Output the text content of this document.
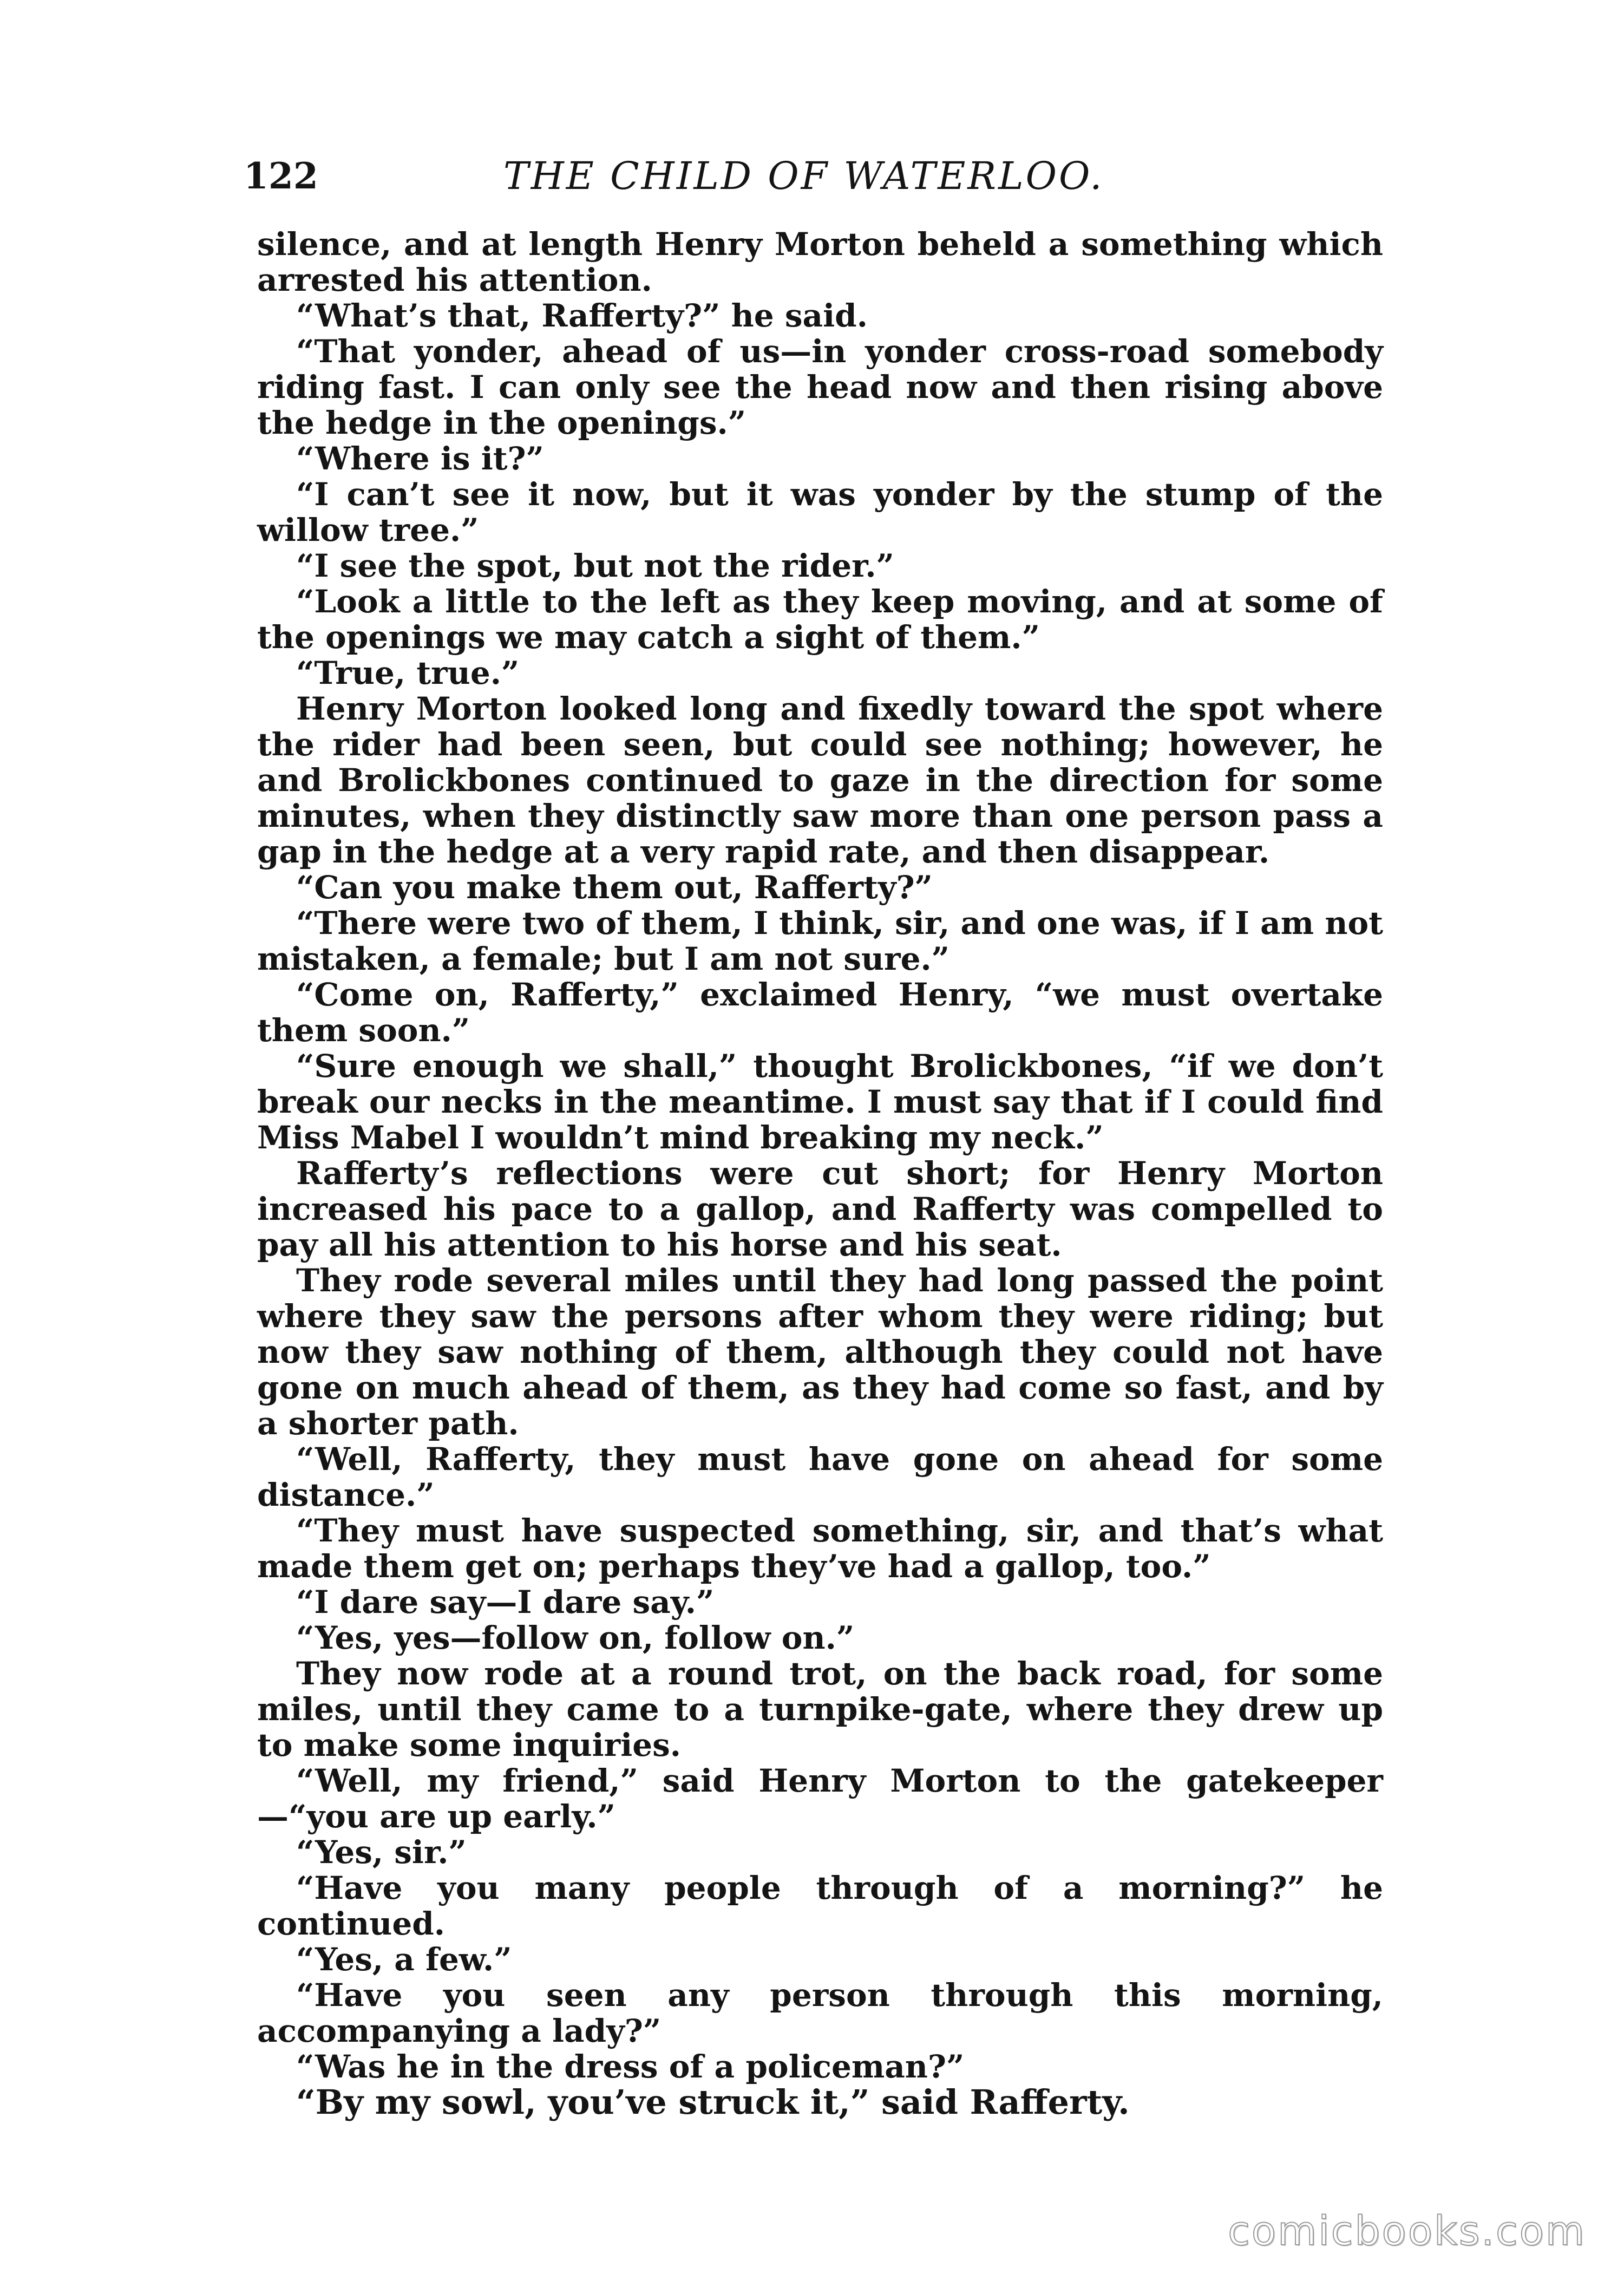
122	THE CHILD OF WATERLOO.

silence, and at length Henry Morton beheld a something which arrested his attention.

“What’s that, Rafferty?” he said.

“That yonder, ahead of us—in yonder cross-road somebody riding fast. I can only see the head now and then rising above the hedge in the openings.”

“Where is it?”

“I can’t see it now, but it was yonder by the stump of the willow tree.”

“I see the spot, but not the rider.”

“Look a little to the left as they keep moving, and at some of the openings we may catch a sight of them.”

“True, true.”

Henry Morton looked long and fixedly toward the spot where the rider had been seen, but could see nothing; however, he and Brolickbones continued to gaze in the direction for some minutes, when they distinctly saw more than one person pass a gap in the hedge at a very rapid rate, and then disappear.

“Can you make them out, Rafferty?”

“There were two of them, I think, sir, and one was, if I am not mistaken, a female; but I am not sure.”

“Come on, Rafferty,” exclaimed Henry, “we must overtake them soon.”

“Sure enough we shall,” thought Brolickbones, “if we don’t break our necks in the meantime. I must say that if I could find Miss Mabel I wouldn’t mind breaking my neck.”

Rafferty’s reflections were cut short; for Henry Morton increased his pace to a gallop, and Rafferty was compelled to pay all his attention to his horse and his seat.

They rode several miles until they had long passed the point where they saw the persons after whom they were riding; but now they saw nothing of them, although they could not have gone on much ahead of them, as they had come so fast, and by a shorter path.

“Well, Rafferty, they must have gone on ahead for some distance.”

“They must have suspected something, sir, and that’s what made them get on; perhaps they’ve had a gallop, too.”

“I dare say—I dare say.”

“Yes, yes—follow on, follow on.”

They now rode at a round trot, on the back road, for some miles, until they came to a turnpike-gate, where they drew up to make some inquiries.

“Well, my friend,” said Henry Morton to the gatekeeper—“you are up early.”

“Yes, sir.”

“Have you many people through of a morning?” he continued.

“Yes, a few.”

“Have you seen any person through this morning, accompanying a lady?”

“Was he in the dress of a policeman?”

“By my sowl, you’ve struck it,” said Rafferty.

comicbooks.com
